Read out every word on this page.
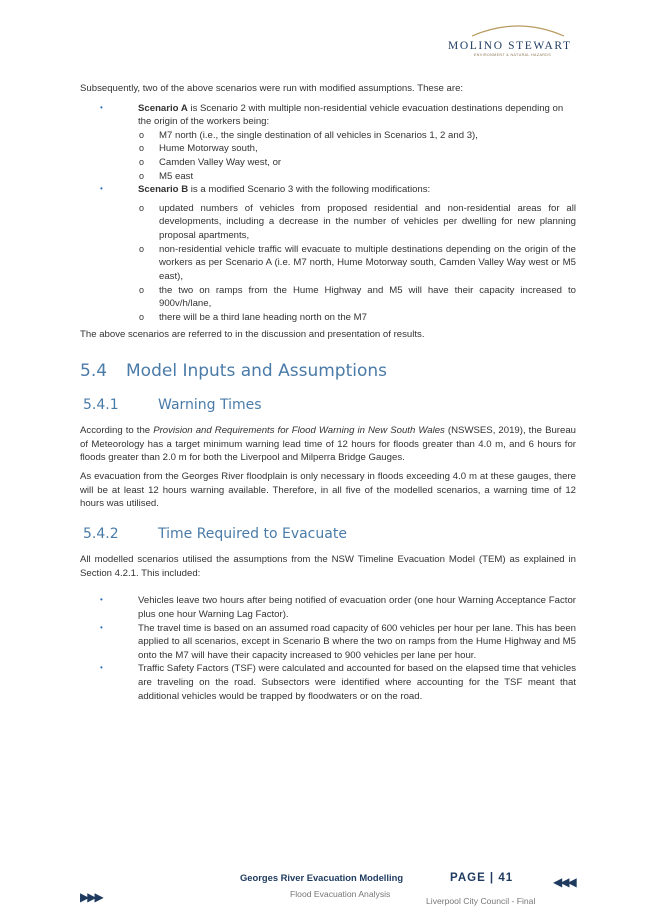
MOLINO STEWART
ENVIRONMENT & NATURAL HAZARDS

Subsequently, two of the above scenarios were run with modified assumptions. These are:

•	Scenario A is Scenario 2 with multiple non-residential vehicle evacuation destinations depending on the origin of the workers being:
o M7 north (i.e., the single destination of all vehicles in Scenarios 1, 2 and 3),
o Hume Motorway south,
o Camden Valley Way west, or
o M5 east
•	Scenario B is a modified Scenario 3 with the following modifications:
o updated numbers of vehicles from proposed residential and non-residential areas for all developments, including a decrease in the number of vehicles per dwelling for new planning proposal apartments,
o non-residential vehicle traffic will evacuate to multiple destinations depending on the origin of the workers as per Scenario A (i.e. M7 north, Hume Motorway south, Camden Valley Way west or M5 east),
o the two on ramps from the Hume Highway and M5 will have their capacity increased to 900v/h/lane,
o there will be a third lane heading north on the M7

The above scenarios are referred to in the discussion and presentation of results.

5.4 Model Inputs and Assumptions
5.4.1	Warning Times

According to the Provision and Requirements for Flood Warning in New South Wales (NSWSES, 2019), the Bureau of Meteorology has a target minimum warning lead time of 12 hours for floods greater than 4.0 m, and 6 hours for floods greater than 2.0 m for both the Liverpool and Milperra Bridge Gauges.

As evacuation from the Georges River floodplain is only necessary in floods exceeding 4.0 m at these gauges, there will be at least 12 hours warning available. Therefore, in all five of the modelled scenarios, a warning time of 12 hours was utilised.

5.4.2	Time Required to Evacuate

All modelled scenarios utilised the assumptions from the NSW Timeline Evacuation Model (TEM) as explained in Section 4.2.1. This included:

•	Vehicles leave two hours after being notified of evacuation order (one hour Warning Acceptance Factor plus one hour Warning Lag Factor).
•	The travel time is based on an assumed road capacity of 600 vehicles per hour per lane. This has been applied to all scenarios, except in Scenario B where the two on ramps from the Hume Highway and M5 onto the M7 will have their capacity increased to 900 vehicles per lane per hour.
•	Traffic Safety Factors (TSF) were calculated and accounted for based on the elapsed time that vehicles are traveling on the road. Subsectors were identified where accounting for the TSF meant that additional vehicles would be trapped by floodwaters or on the road.
Georges River Evacuation Modelling
Flood Evacuation Analysis
PAGE | 41
Liverpool City Council - Final
▶▶▶
◀◀◀
